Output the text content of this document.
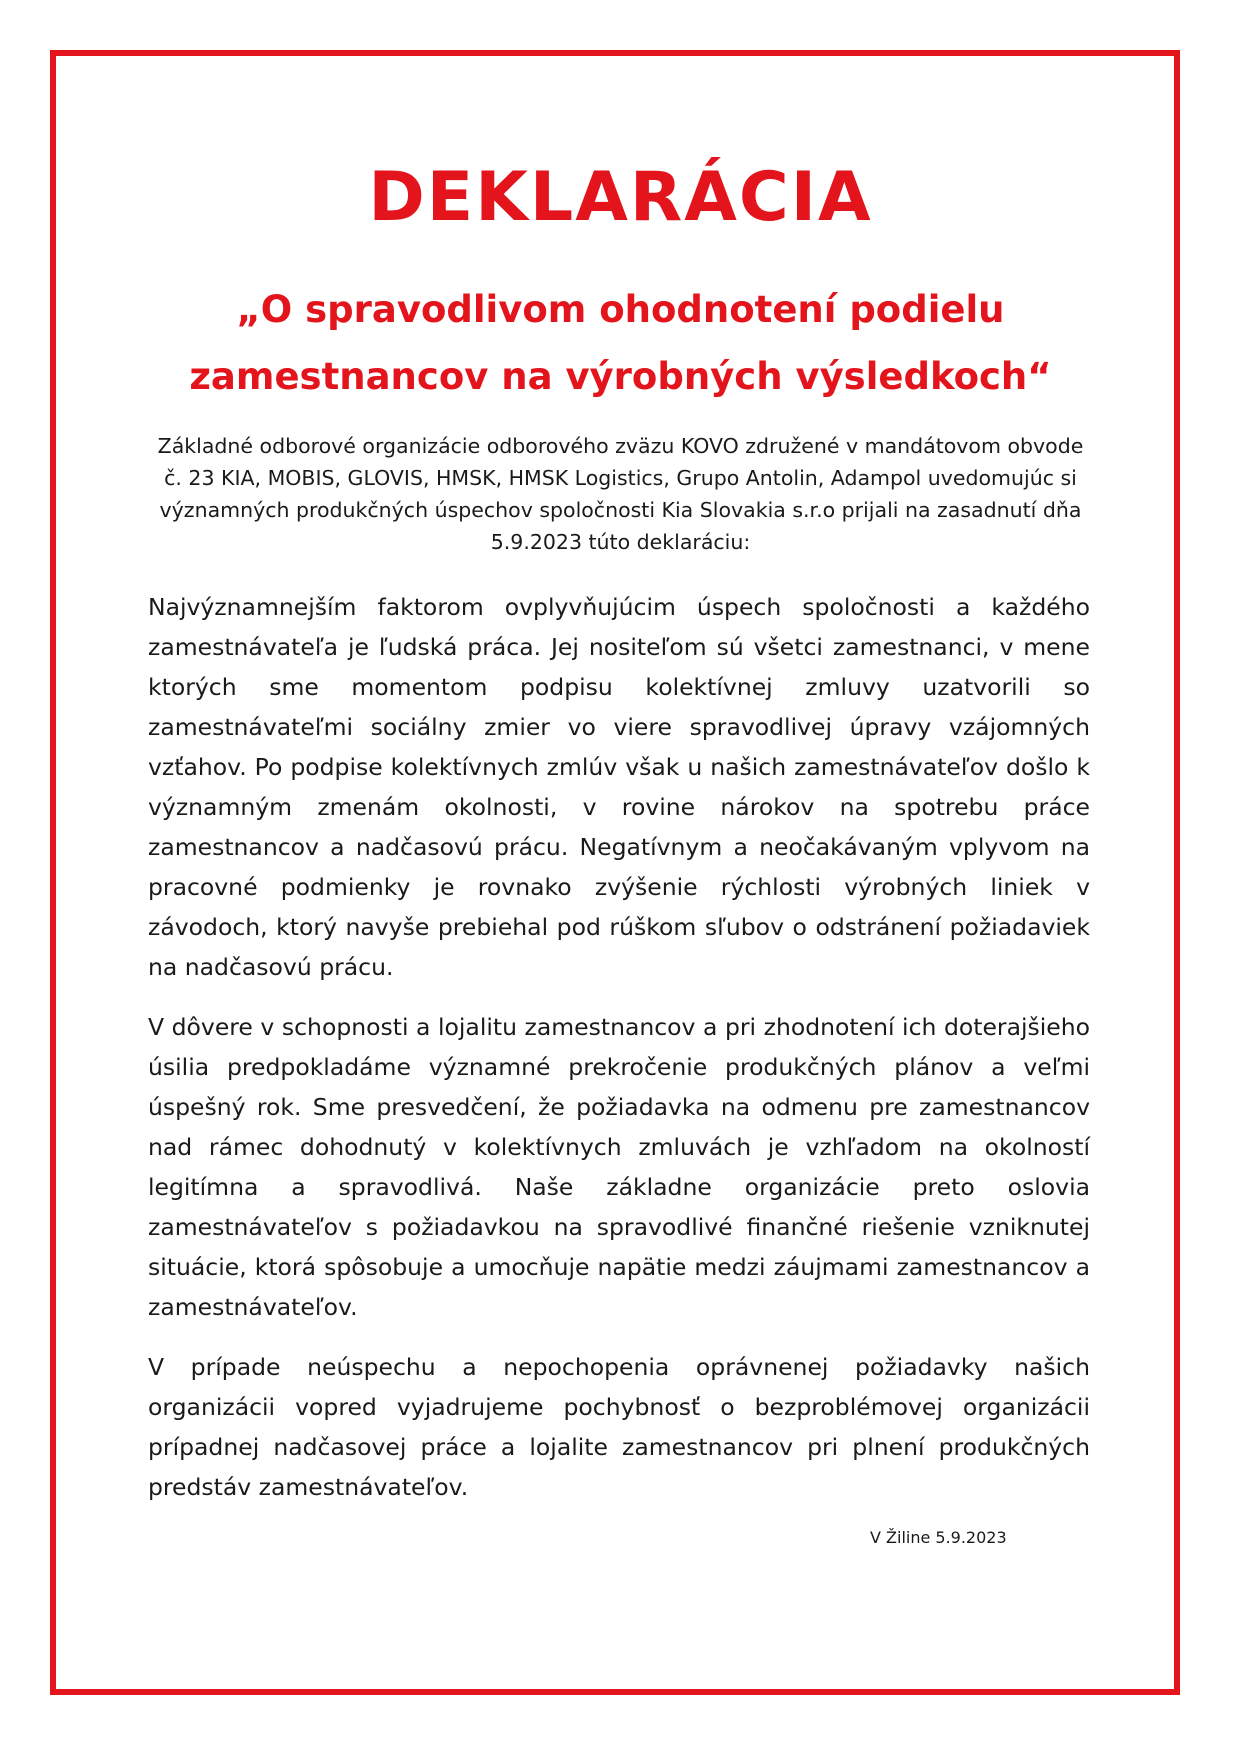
DEKLARÁCIA
„O spravodlivom ohodnotení podielu zamestnancov na výrobných výsledkoch“

Základné odborové organizácie odborového zväzu KOVO združené v mandátovom obvode č. 23 KIA, MOBIS, GLOVIS, HMSK, HMSK Logistics, Grupo Antolin, Adampol uvedomujúc si významných produkčných úspechov spoločnosti Kia Slovakia s.r.o prijali na zasadnutí dňa 5.9.2023 túto deklaráciu:

Najvýznamnejším faktorom ovplyvňujúcim úspech spoločnosti a každého zamestnávateľa je ľudská práca. Jej nositeľom sú všetci zamestnanci, v mene ktorých sme momentom podpisu kolektívnej zmluvy uzatvorili so zamestnávateľmi sociálny zmier vo viere spravodlivej úpravy vzájomných vzťahov. Po podpise kolektívnych zmlúv však u našich zamestnávateľov došlo k významným zmenám okolnosti, v rovine nárokov na spotrebu práce zamestnancov a nadčasovú prácu. Negatívnym a neočakávaným vplyvom na pracovné podmienky je rovnako zvýšenie rýchlosti výrobných liniek v závodoch, ktorý navyše prebiehal pod rúškom sľubov o odstránení požiadaviek na nadčasovú prácu.

V dôvere v schopnosti a lojalitu zamestnancov a pri zhodnotení ich doterajšieho úsilia predpokladáme významné prekročenie produkčných plánov a veľmi úspešný rok. Sme presvedčení, že požiadavka na odmenu pre zamestnancov nad rámec dohodnutý v kolektívnych zmluvách je vzhľadom na okolností legitímna a spravodlivá. Naše základne organizácie preto oslovia zamestnávateľov s požiadavkou na spravodlivé finančné riešenie vzniknutej situácie, ktorá spôsobuje a umocňuje napätie medzi záujmami zamestnancov a zamestnávateľov.

V prípade neúspechu a nepochopenia oprávnenej požiadavky našich organizácii vopred vyjadrujeme pochybnosť o bezproblémovej organizácii prípadnej nadčasovej práce a lojalite zamestnancov pri plnení produkčných predstáv zamestnávateľov.

V Žiline 5.9.2023
